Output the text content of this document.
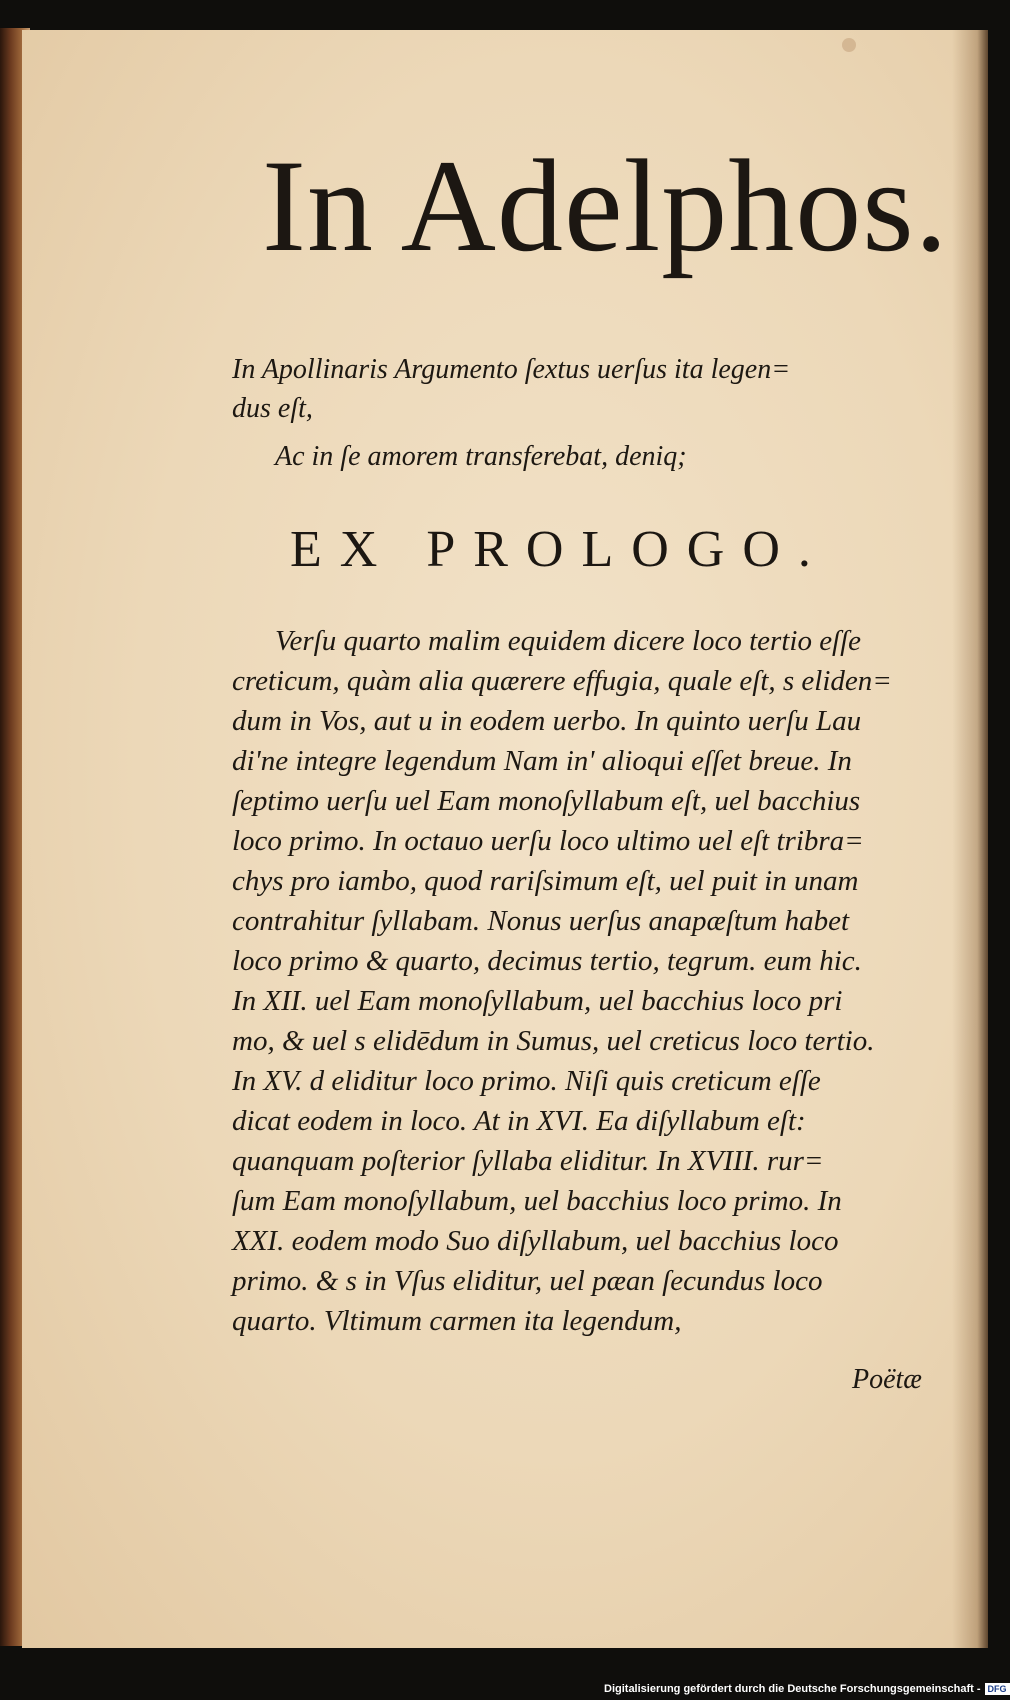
In Adelphos.
In Apollinaris Argumento ſextus uerſus ita legen=
dus eſt,
Ac in ſe amorem transferebat, deniq;
EX PROLOGO.
Verſu quarto malim equidem dicere loco tertio eſſe
creticum, quàm alia quærere effugia, quale eſt, s eliden=
dum in Vos, aut u in eodem uerbo. In quinto uerſu Lau
di'ne integre legendum Nam in' alioqui eſſet breue. In
ſeptimo uerſu uel Eam monoſyllabum eſt, uel bacchius
loco primo. In octauo uerſu loco ultimo uel eſt tribra=
chys pro iambo, quod rariſsimum eſt, uel puit in unam
contrahitur ſyllabam. Nonus uerſus anapæſtum habet
loco primo & quarto, decimus tertio, tegrum. eum hic.
In XII. uel Eam monoſyllabum, uel bacchius loco pri
mo, & uel s elidēdum in Sumus, uel creticus loco tertio.
In XV. d eliditur loco primo. Niſi quis creticum eſſe
dicat eodem in loco. At in XVI. Ea diſyllabum eſt:
quanquam poſterior ſyllaba eliditur. In XVIII. rur=
ſum Eam monoſyllabum, uel bacchius loco primo. In
XXI. eodem modo Suo diſyllabum, uel bacchius loco
primo. & s in Vſus eliditur, uel pæan ſecundus loco
quarto. Vltimum carmen ita legendum,
Poëtæ
Digitalisierung gefördert durch die Deutsche Forschungsgemeinschaft - DFG
